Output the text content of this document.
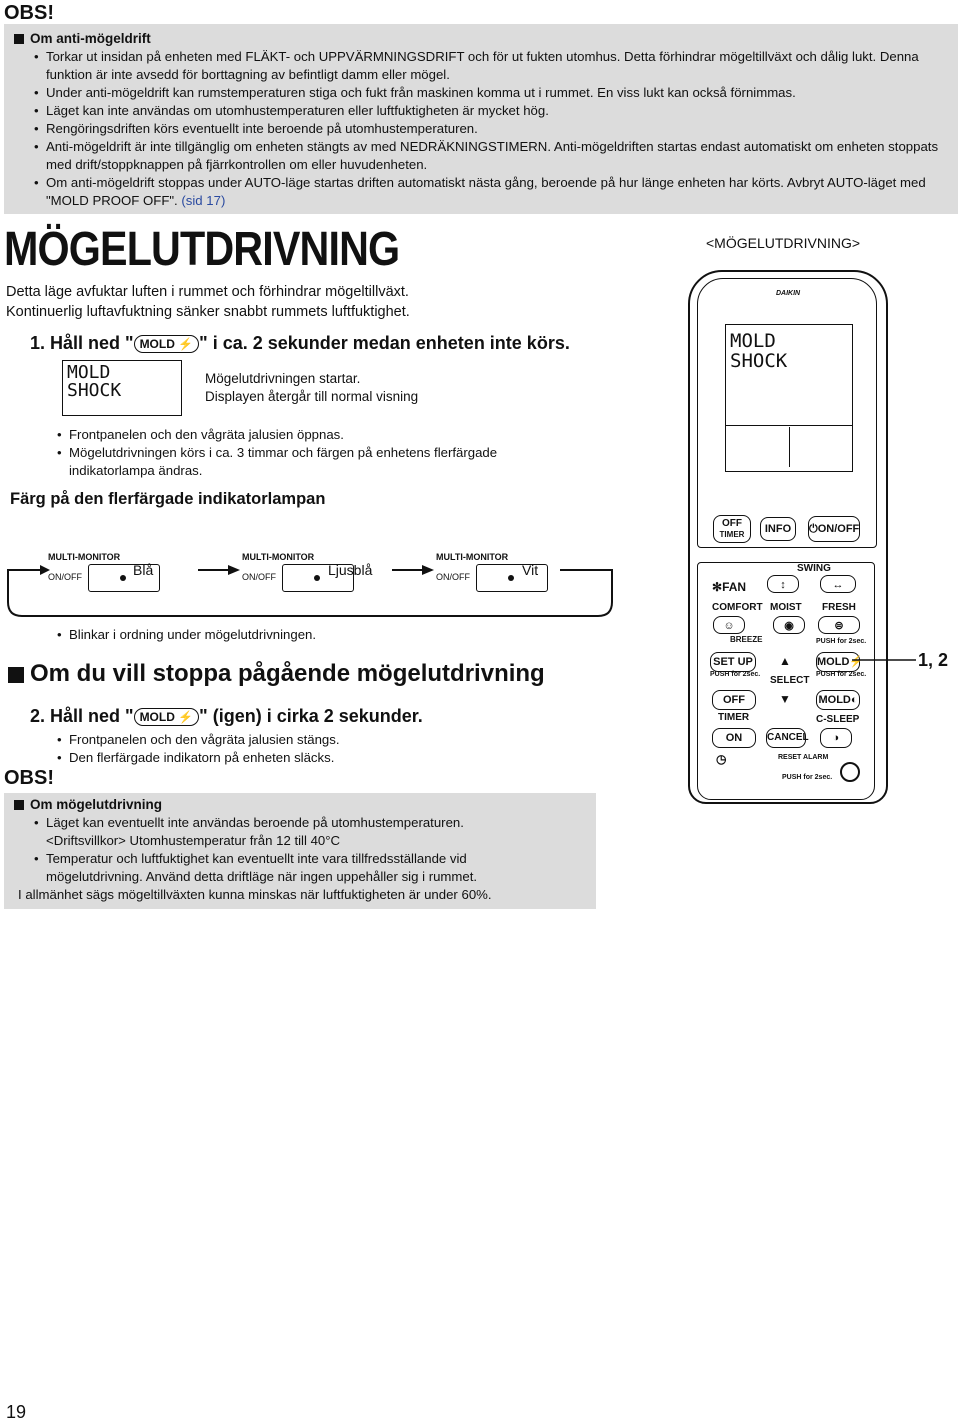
OBS!
Om anti-mögeldrift
• Torkar ut insidan på enheten med FLÄKT- och UPPVÄRMNINGSDRIFT och för ut fukten utomhus. Detta förhindrar mögeltillväxt och dålig lukt. Denna funktion är inte avsedd för borttagning av befintligt damm eller mögel.
• Under anti-mögeldrift kan rumstemperaturen stiga och fukt från maskinen komma ut i rummet. En viss lukt kan också förnimmas.
• Läget kan inte användas om utomhustemperaturen eller luftfuktigheten är mycket hög.
• Rengöringsdriften körs eventuellt inte beroende på utomhustemperaturen.
• Anti-mögeldrift är inte tillgänglig om enheten stängts av med NEDRÄKNINGSTIMERN. Anti-mögeldriften startas endast automatiskt om enheten stoppats med drift/stoppknappen på fjärrkontrollen om eller huvudenheten.
• Om anti-mögeldrift stoppas under AUTO-läge startas driften automatiskt nästa gång, beroende på hur länge enheten har körts. Avbryt AUTO-läget med "MOLD PROOF OFF". (sid 17)
MÖGELUTDRIVNING
Detta läge avfuktar luften i rummet och förhindrar mögeltillväxt.
Kontinuerlig luftavfuktning sänker snabbt rummets luftfuktighet.
1. Håll ned " MOLD ⚡ " i ca. 2 sekunder medan enheten inte körs.
MOLD
SHOCK
Mögelutdrivningen startar.
Displayen återgår till normal visning
• Frontpanelen och den vågräta jalusien öppnas.
• Mögelutdrivningen körs i ca. 3 timmar och färgen på enhetens flerfärgade indikatorlampa ändras.
Färg på den flerfärgade indikatorlampan
MULTI-MONITOR
ON/OFF	Blå
MULTI-MONITOR
ON/OFF	Ljusblå
MULTI-MONITOR
ON/OFF	Vit
• Blinkar i ordning under mögelutdrivningen.
Om du vill stoppa pågående mögelutdrivning
2. Håll ned " MOLD ⚡ " (igen) i cirka 2 sekunder.
• Frontpanelen och den vågräta jalusien stängs.
• Den flerfärgade indikatorn på enheten släcks.
OBS!
Om mögelutdrivning
• Läget kan eventuellt inte användas beroende på utomhustemperaturen. <Driftsvillkor> Utomhustemperatur från 12 till 40°C
• Temperatur och luftfuktighet kan eventuellt inte vara tillfredsställande vid mögelutdrivning. Använd detta driftläge när ingen uppehåller sig i rummet.
I allmänhet sägs mögeltillväxten kunna minskas när luftfuktigheten är under 60%.
<MÖGELUTDRIVNING>
DAIKIN
MOLD
SHOCK
OFF
TIMER	INFO	⏻ON/OFF
SWING
↕	↔
✻FAN
COMFORT MOIST FRESH
☺	◉	⊜
BREEZE	PUSH for 2sec.
SET UP
PUSH for 2sec.
▲
SELECT
▼
MOLD⚡
PUSH for 2sec.
MOLD◐
OFF
TIMER	C-SLEEP
ON	CANCEL	◑
◷	RESET ALARM
PUSH for 2sec.
1, 2
19
